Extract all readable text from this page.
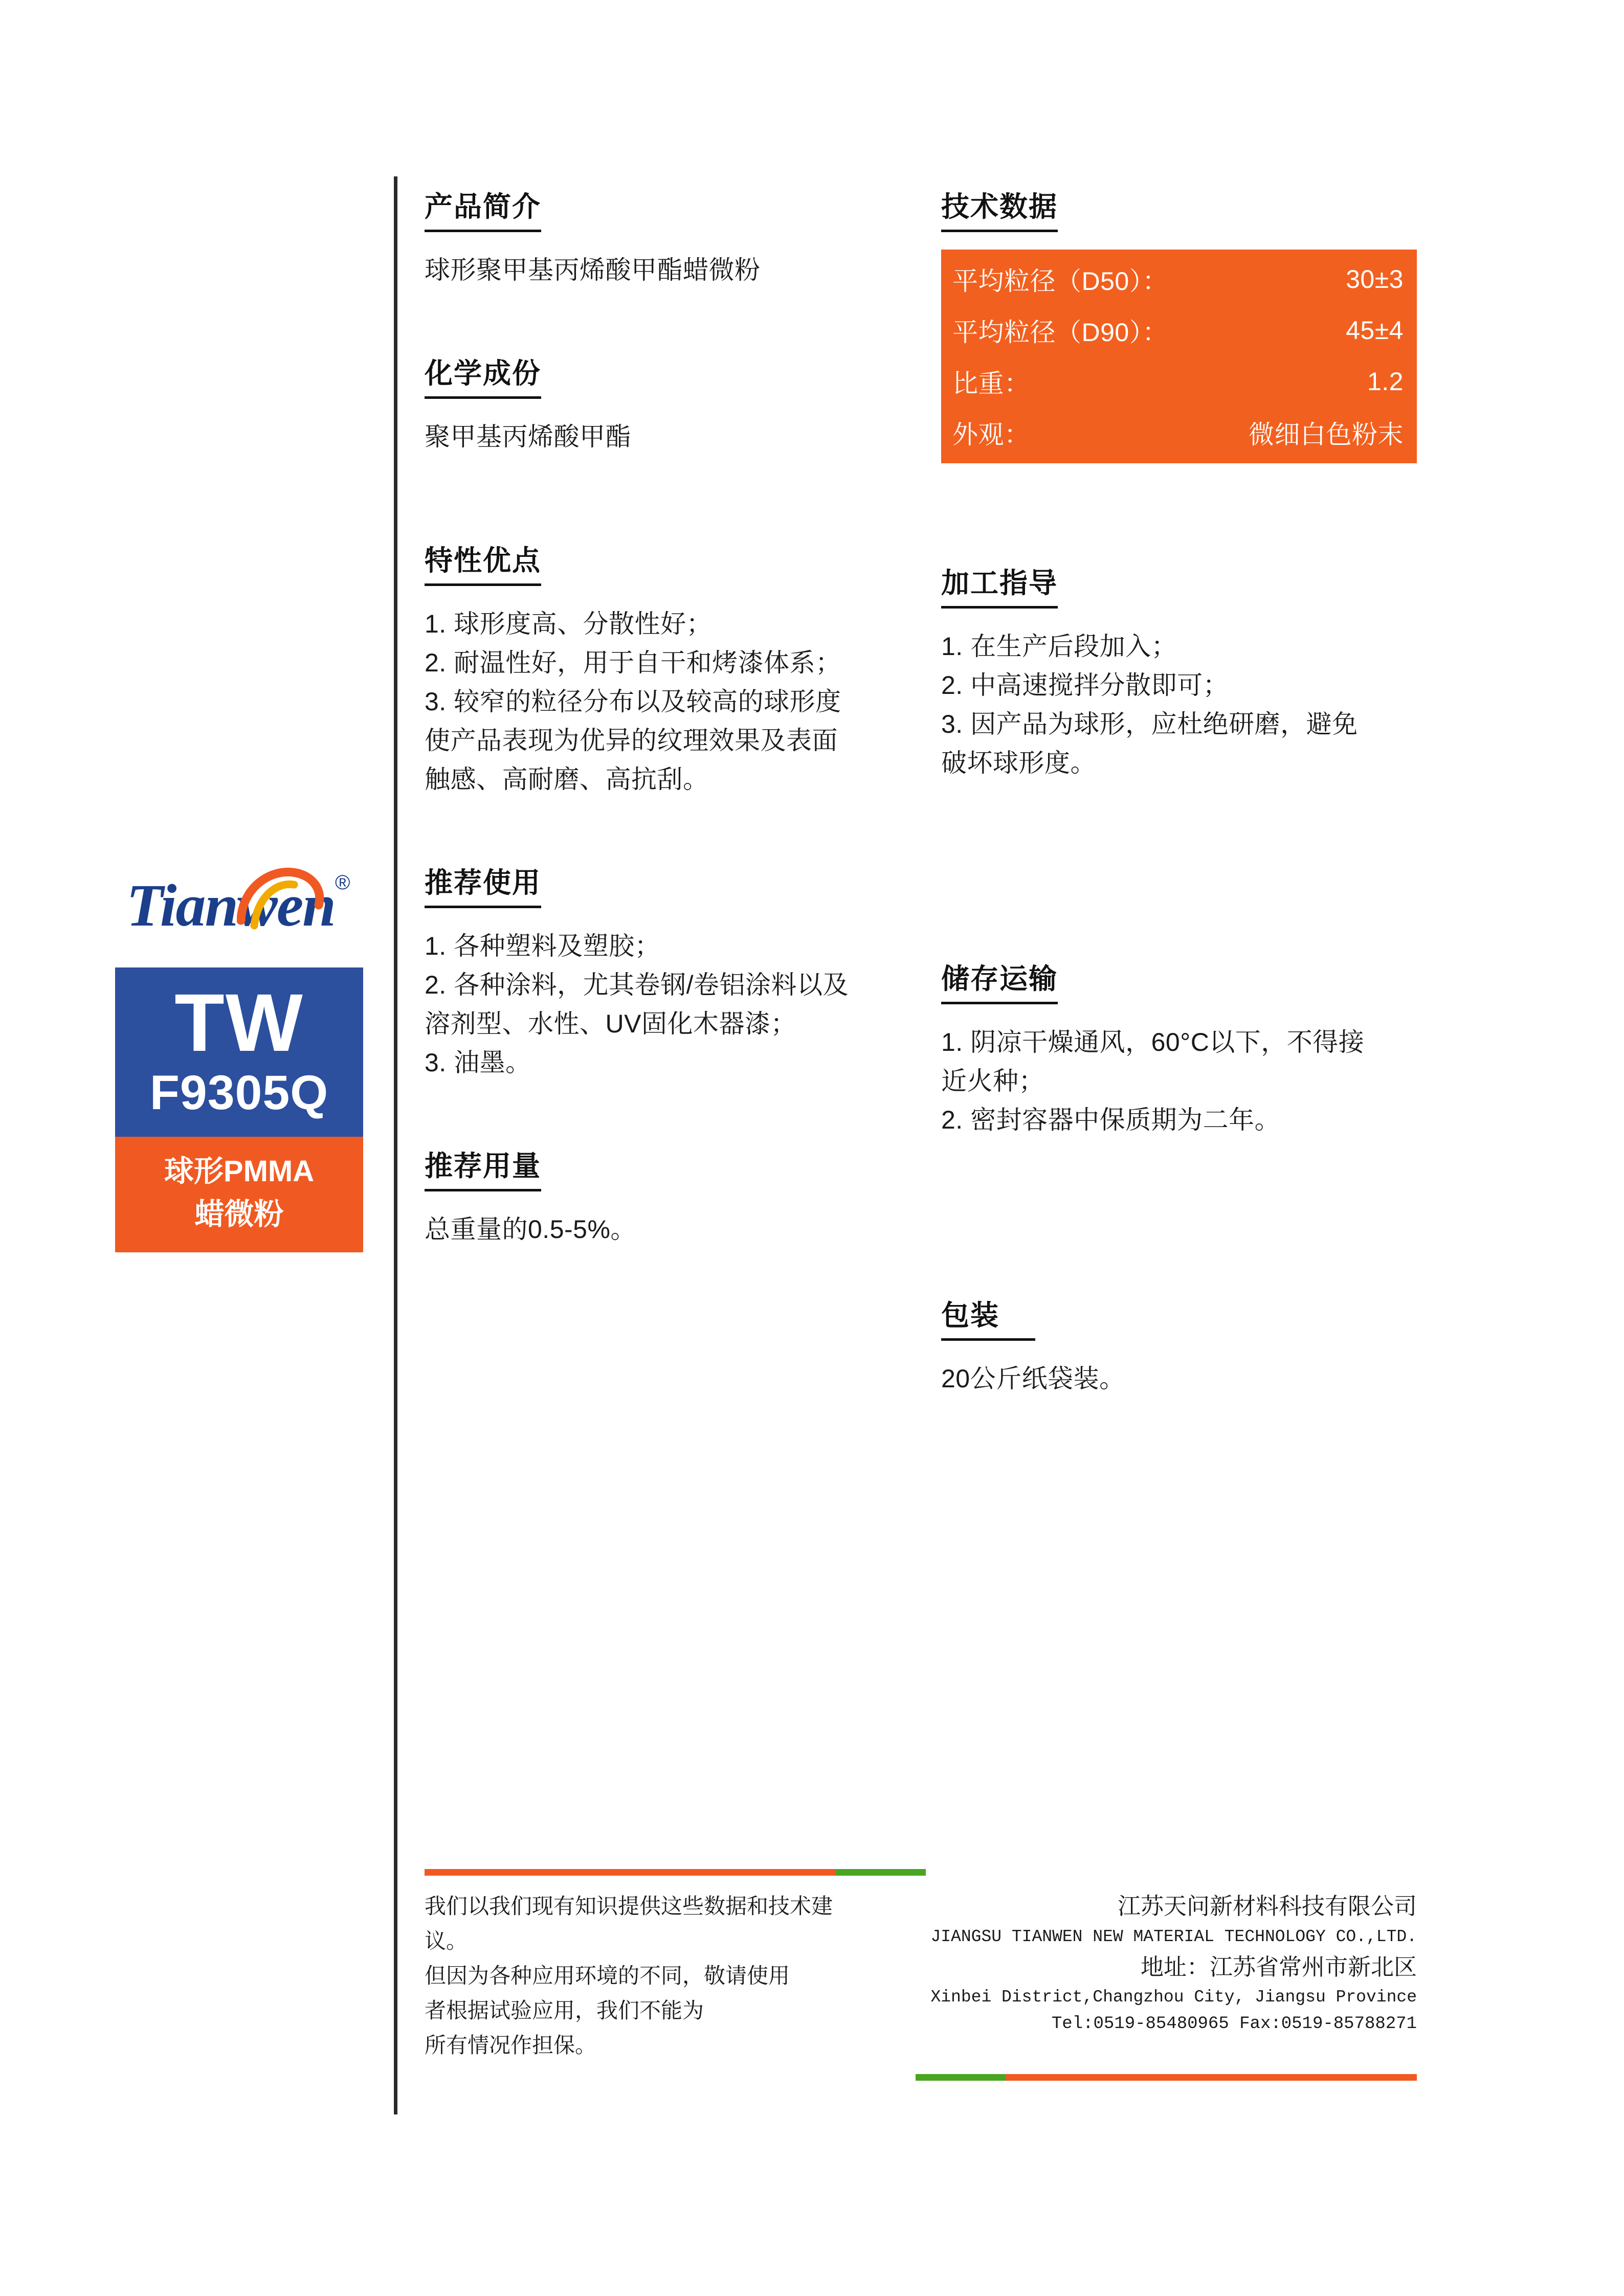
Tianwen ®
TW
F9305Q
球形PMMA
蜡微粉
产品简介
球形聚甲基丙烯酸甲酯蜡微粉
化学成份
聚甲基丙烯酸甲酯
特性优点
1. 球形度高、分散性好；
2. 耐温性好，用于自干和烤漆体系；
3. 较窄的粒径分布以及较高的球形度
使产品表现为优异的纹理效果及表面
触感、高耐磨、高抗刮。
推荐使用
1. 各种塑料及塑胶；
2. 各种涂料，尤其卷钢/卷铝涂料以及
溶剂型、水性、UV固化木器漆；
3. 油墨。
推荐用量
总重量的0.5-5%。
技术数据
平均粒径（D50）：	30±3
平均粒径（D90）：	45±4
比重：	1.2
外观：	微细白色粉末
加工指导
1. 在生产后段加入；
2. 中高速搅拌分散即可；
3. 因产品为球形，应杜绝研磨，避免
破坏球形度。
储存运输
1. 阴凉干燥通风，60°C以下，不得接
近火种；
2. 密封容器中保质期为二年。
包装
20公斤纸袋装。
我们以我们现有知识提供这些数据和技术建议。
但因为各种应用环境的不同，敬请使用
者根据试验应用，我们不能为
所有情况作担保。
江苏天问新材料科技有限公司
JIANGSU TIANWEN NEW MATERIAL TECHNOLOGY CO.,LTD.
地址：江苏省常州市新北区
Xinbei District,Changzhou City, Jiangsu Province
Tel:0519-85480965 Fax:0519-85788271
